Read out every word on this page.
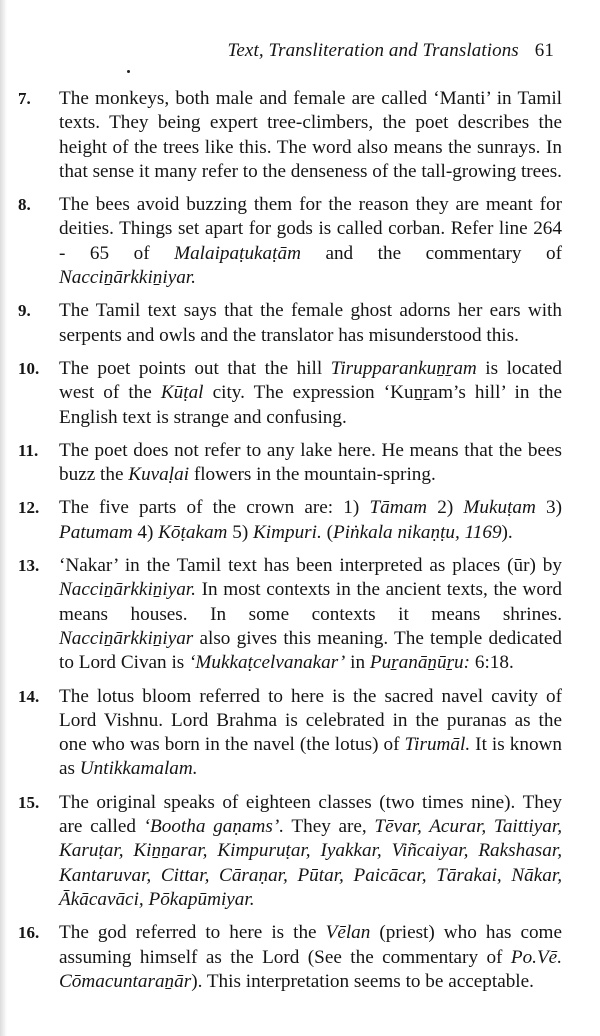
Text, Transliteration and Translations 61
7. The monkeys, both male and female are called ‘Manti’ in Tamil texts. They being expert tree-climbers, the poet describes the height of the trees like this. The word also means the sunrays. In that sense it many refer to the denseness of the tall-growing trees.
8. The bees avoid buzzing them for the reason they are meant for deities. Things set apart for gods is called corban. Refer line 264 - 65 of Malaipaṭukaṭām and the commentary of Nacciṉārkkiṉiyar.
9. The Tamil text says that the female ghost adorns her ears with serpents and owls and the translator has misunderstood this.
10. The poet points out that the hill Tirupparankuṉṟam is located west of the Kūṭal city. The expression ‘Kuṉṟam’s hill’ in the English text is strange and confusing.
11. The poet does not refer to any lake here. He means that the bees buzz the Kuvaḷai flowers in the mountain-spring.
12. The five parts of the crown are: 1) Tāmam 2) Mukuṭam 3) Patumam 4) Kōṭakam 5) Kimpuri. (Piṅkala nikaṇṭu, 1169).
13. ‘Nakar’ in the Tamil text has been interpreted as places (ūr) by Nacciṉārkkiṉiyar. In most contexts in the ancient texts, the word means houses. In some contexts it means shrines. Nacciṉārkkiṉiyar also gives this meaning. The temple dedicated to Lord Civan is ‘Mukkaṭcelvanakar’ in Puṟanāṉūṟu: 6:18.
14. The lotus bloom referred to here is the sacred navel cavity of Lord Vishnu. Lord Brahma is celebrated in the puranas as the one who was born in the navel (the lotus) of Tirumāl. It is known as Untikkamalam.
15. The original speaks of eighteen classes (two times nine). They are called ‘Bootha gaṇams’. They are, Tēvar, Acurar, Taittiyar, Karuṭar, Kiṉṉarar, Kimpuruṭar, Iyakkar, Viñcaiyar, Rakshasar, Kantaruvar, Cittar, Cāraṇar, Pūtar, Paicācar, Tārakai, Nākar, Ākācavāci, Pōkapūmiyar.
16. The god referred to here is the Vēlan (priest) who has come assuming himself as the Lord (See the commentary of Po.Vē. Cōmacuntaraṉār). This interpretation seems to be acceptable.
